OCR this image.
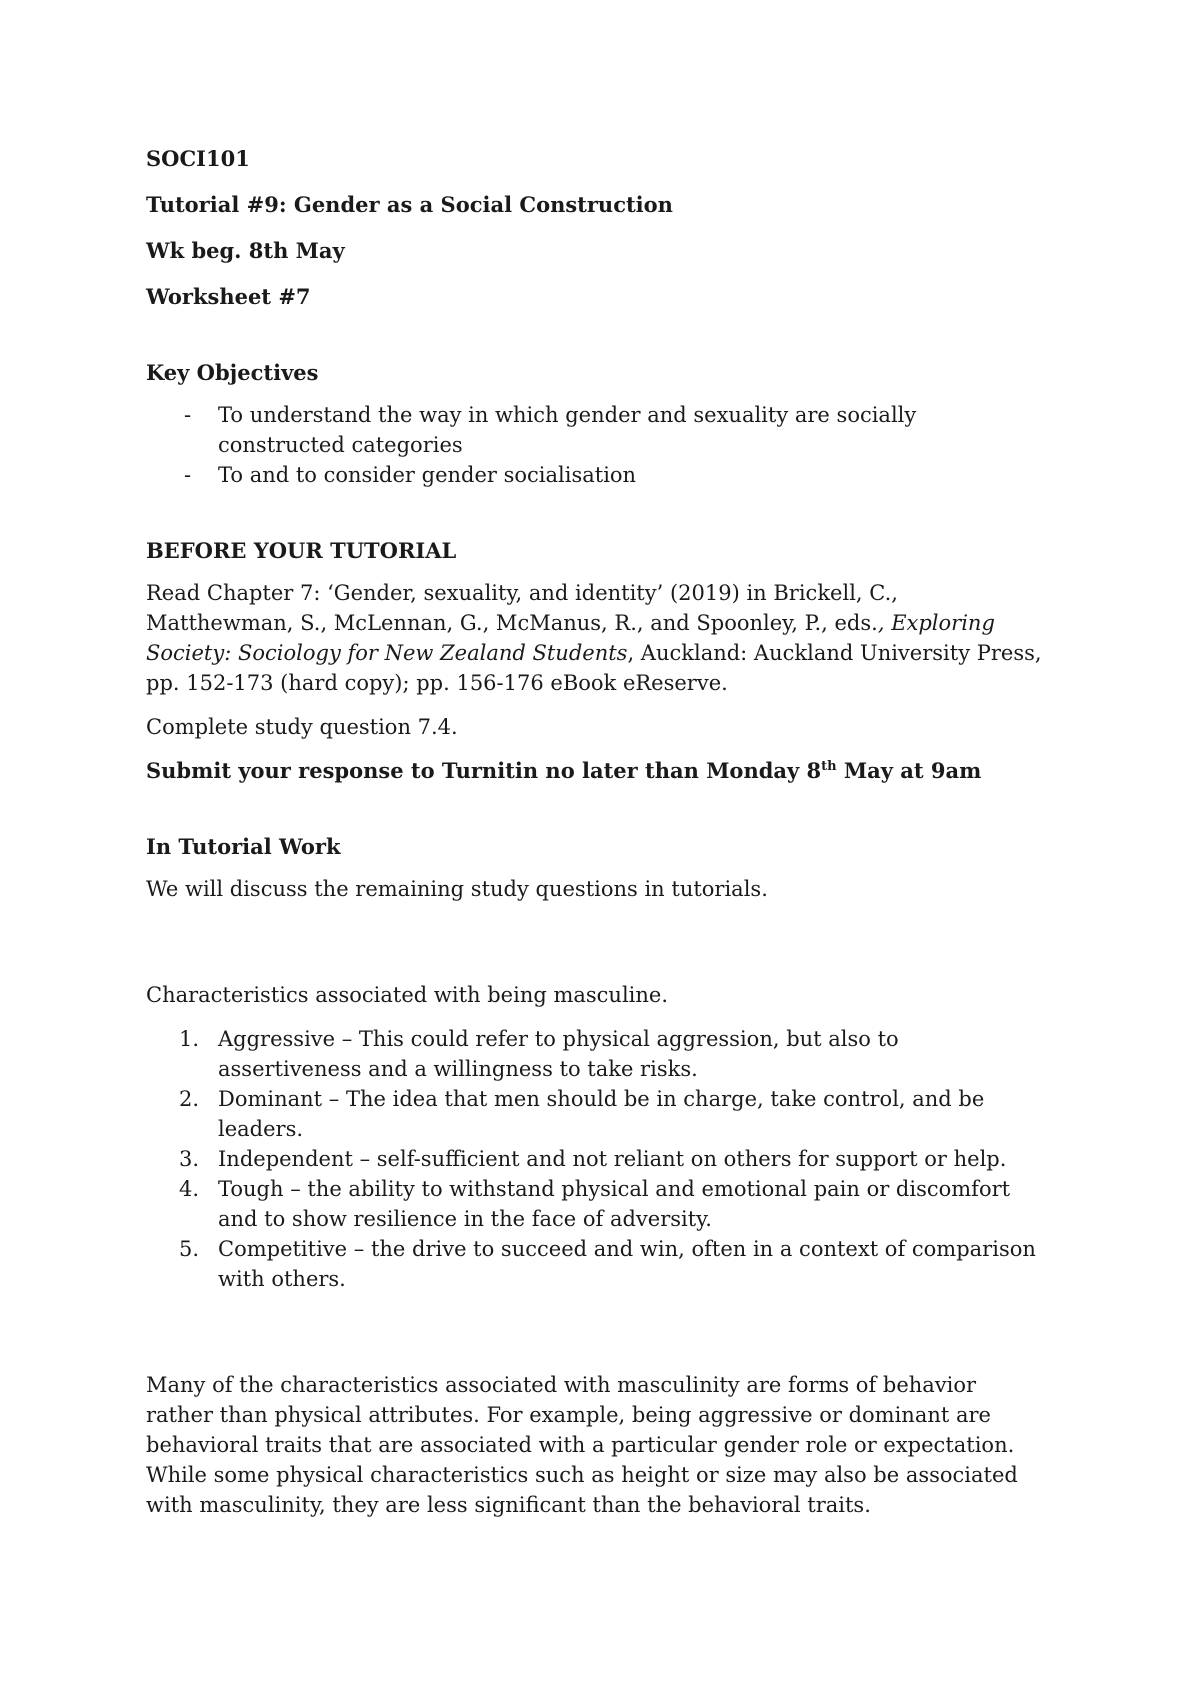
SOCI101

Tutorial #9: Gender as a Social Construction

Wk beg. 8th May

Worksheet #7

Key Objectives

- To understand the way in which gender and sexuality are socially constructed categories
- To and to consider gender socialisation

BEFORE YOUR TUTORIAL

Read Chapter 7: ‘Gender, sexuality, and identity’ (2019) in Brickell, C., Matthewman, S., McLennan, G., McManus, R., and Spoonley, P., eds., Exploring Society: Sociology for New Zealand Students, Auckland: Auckland University Press, pp. 152-173 (hard copy); pp. 156-176 eBook eReserve.

Complete study question 7.4.

Submit your response to Turnitin no later than Monday 8th May at 9am

In Tutorial Work

We will discuss the remaining study questions in tutorials.

Characteristics associated with being masculine.

1. Aggressive – This could refer to physical aggression, but also to assertiveness and a willingness to take risks.
2. Dominant – The idea that men should be in charge, take control, and be leaders.
3. Independent – self-sufficient and not reliant on others for support or help.
4. Tough – the ability to withstand physical and emotional pain or discomfort and to show resilience in the face of adversity.
5. Competitive – the drive to succeed and win, often in a context of comparison with others.

Many of the characteristics associated with masculinity are forms of behavior rather than physical attributes. For example, being aggressive or dominant are behavioral traits that are associated with a particular gender role or expectation. While some physical characteristics such as height or size may also be associated with masculinity, they are less significant than the behavioral traits.
